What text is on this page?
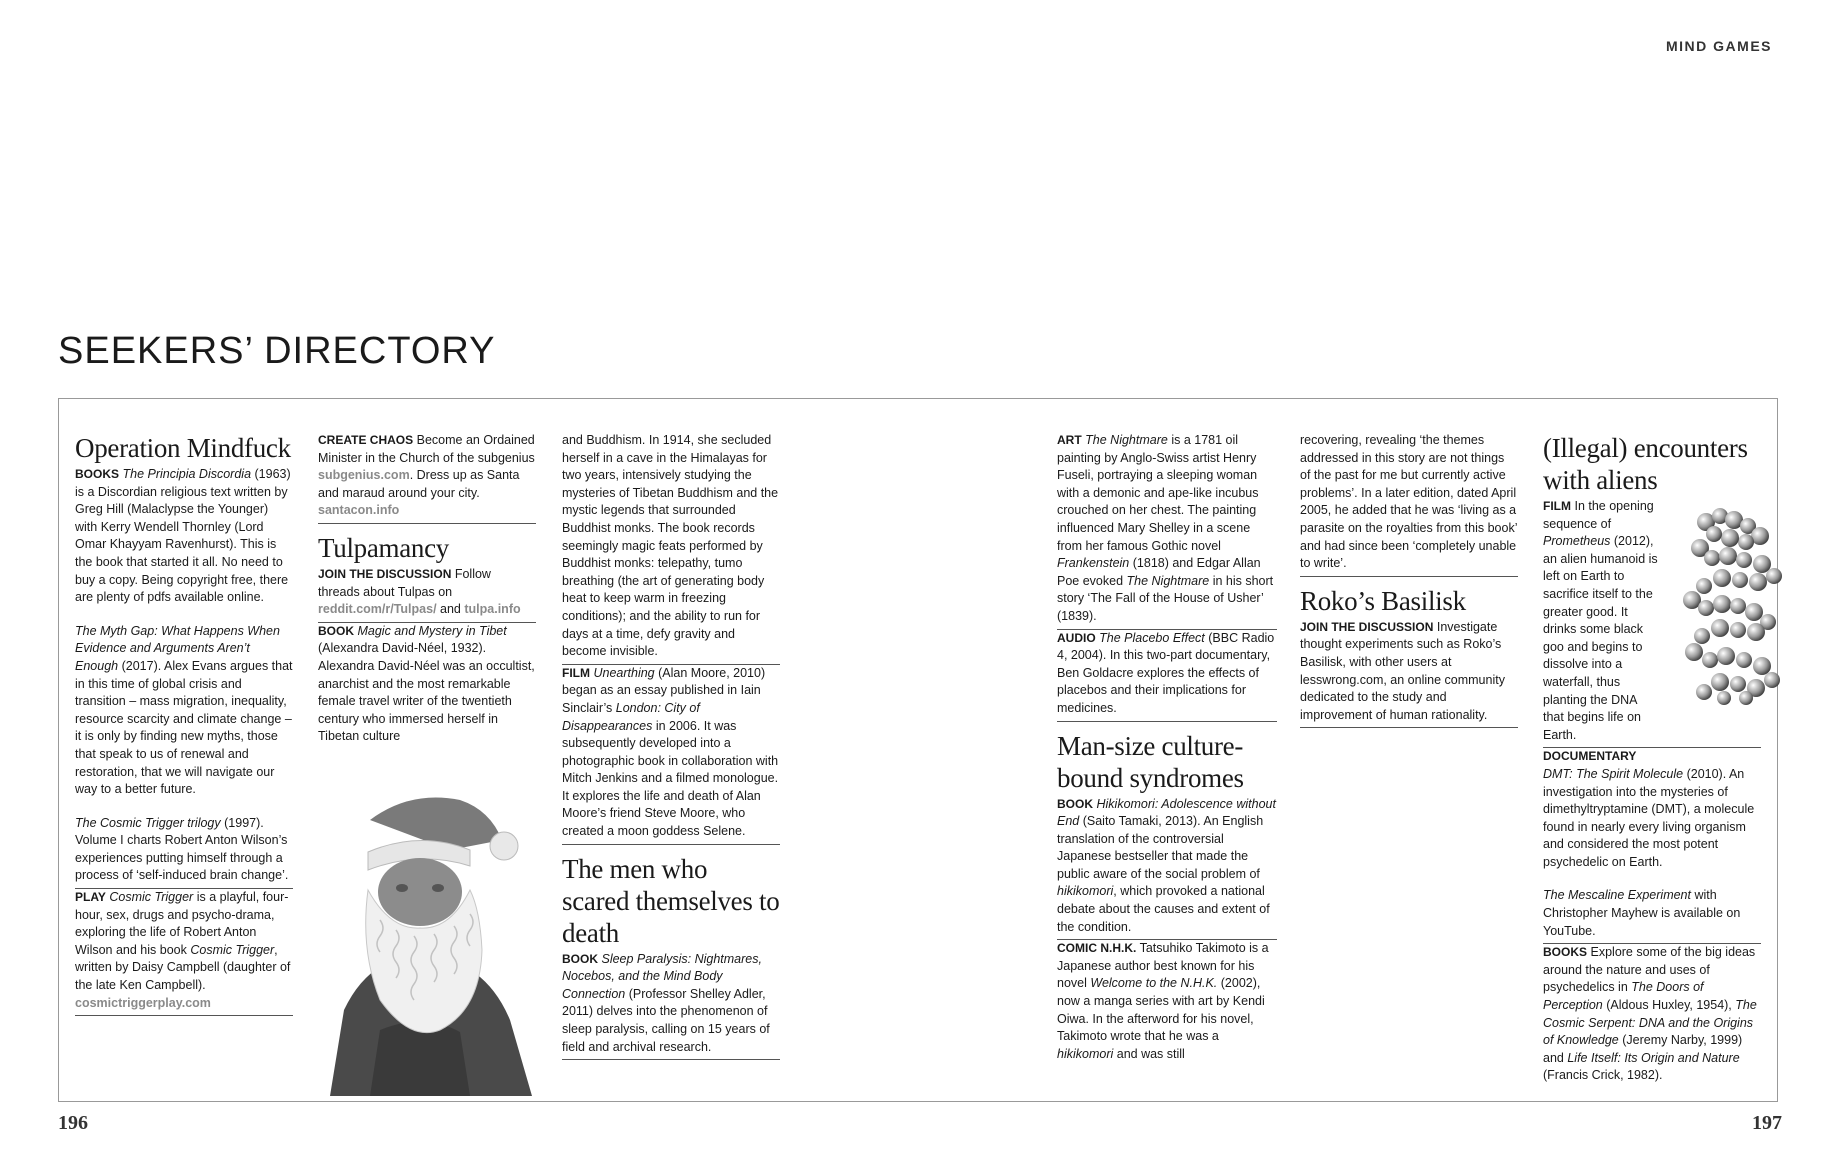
MIND GAMES
SEEKERS’ DIRECTORY
196	197
Operation Mindfuck

BOOKS The Principia Discordia (1963) is a Discordian religious text written by Greg Hill (Malaclypse the Younger) with Kerry Wendell Thornley (Lord Omar Khayyam Ravenhurst). This is the book that started it all. No need to buy a copy. Being copyright free, there are plenty of pdfs available online.

The Myth Gap: What Happens When Evidence and Arguments Aren’t Enough (2017). Alex Evans argues that in this time of global crisis and transition – mass migration, inequality, resource scarcity and climate change – it is only by finding new myths, those that speak to us of renewal and restoration, that we will navigate our way to a better future.

The Cosmic Trigger trilogy (1997). Volume I charts Robert Anton Wilson’s experiences putting himself through a process of ‘self-induced brain change’.

PLAY Cosmic Trigger is a playful, four-hour, sex, drugs and psycho-drama, exploring the life of Robert Anton Wilson and his book Cosmic Trigger, written by Daisy Campbell (daughter of the late Ken Campbell). cosmictriggerplay.com

CREATE CHAOS Become an Ordained Minister in the Church of the subgenius subgenius.com. Dress up as Santa and maraud around your city. santacon.info

Tulpamancy

JOIN THE DISCUSSION Follow threads about Tulpas on reddit.com/r/Tulpas/ and tulpa.info

BOOK Magic and Mystery in Tibet (Alexandra David-Néel, 1932). Alexandra David-Néel was an occultist, anarchist and the most remarkable female travel writer of the twentieth century who immersed herself in Tibetan culture

and Buddhism. In 1914, she secluded herself in a cave in the Himalayas for two years, intensively studying the mysteries of Tibetan Buddhism and the mystic legends that surrounded Buddhist monks. The book records seemingly magic feats performed by Buddhist monks: telepathy, tumo breathing (the art of generating body heat to keep warm in freezing conditions); and the ability to run for days at a time, defy gravity and become invisible.

FILM Unearthing (Alan Moore, 2010) began as an essay published in Iain Sinclair’s London: City of Disappearances in 2006. It was subsequently developed into a photographic book in collaboration with Mitch Jenkins and a filmed monologue. It explores the life and death of Alan Moore’s friend Steve Moore, who created a moon goddess Selene.

The men who scared themselves to death

BOOK Sleep Paralysis: Nightmares, Nocebos, and the Mind Body Connection (Professor Shelley Adler, 2011) delves into the phenomenon of sleep paralysis, calling on 15 years of field and archival research.

ART The Nightmare is a 1781 oil painting by Anglo-Swiss artist Henry Fuseli, portraying a sleeping woman with a demonic and ape-like incubus crouched on her chest. The painting influenced Mary Shelley in a scene from her famous Gothic novel Frankenstein (1818) and Edgar Allan Poe evoked The Nightmare in his short story ‘The Fall of the House of Usher’ (1839).

AUDIO The Placebo Effect (BBC Radio 4, 2004). In this two-part documentary, Ben Goldacre explores the effects of placebos and their implications for medicines.

Man-size culture-bound syndromes

BOOK Hikikomori: Adolescence without End (Saito Tamaki, 2013). An English translation of the controversial Japanese bestseller that made the public aware of the social problem of hikikomori, which provoked a national debate about the causes and extent of the condition.

COMIC N.H.K. Tatsuhiko Takimoto is a Japanese author best known for his novel Welcome to the N.H.K. (2002), now a manga series with art by Kendi Oiwa. In the afterword for his novel, Takimoto wrote that he was a hikikomori and was still

recovering, revealing ‘the themes addressed in this story are not things of the past for me but currently active problems’. In a later edition, dated April 2005, he added that he was ‘living as a parasite on the royalties from this book’ and had since been ‘completely unable to write’.

Roko’s Basilisk

JOIN THE DISCUSSION Investigate thought experiments such as Roko’s Basilisk, with other users at lesswrong.com, an online community dedicated to the study and improvement of human rationality.

(Illegal) encounters with aliens

FILM In the opening sequence of Prometheus (2012), an alien humanoid is left on Earth to sacrifice itself to the greater good. It drinks some black goo and begins to dissolve into a waterfall, thus planting the DNA that begins life on Earth.

DOCUMENTARY
DMT: The Spirit Molecule (2010). An investigation into the mysteries of dimethyltryptamine (DMT), a molecule found in nearly every living organism and considered the most potent psychedelic on Earth.

The Mescaline Experiment with Christopher Mayhew is available on YouTube.

BOOKS Explore some of the big ideas around the nature and uses of psychedelics in The Doors of Perception (Aldous Huxley, 1954), The Cosmic Serpent: DNA and the Origins of Knowledge (Jeremy Narby, 1999) and Life Itself: Its Origin and Nature (Francis Crick, 1982).
